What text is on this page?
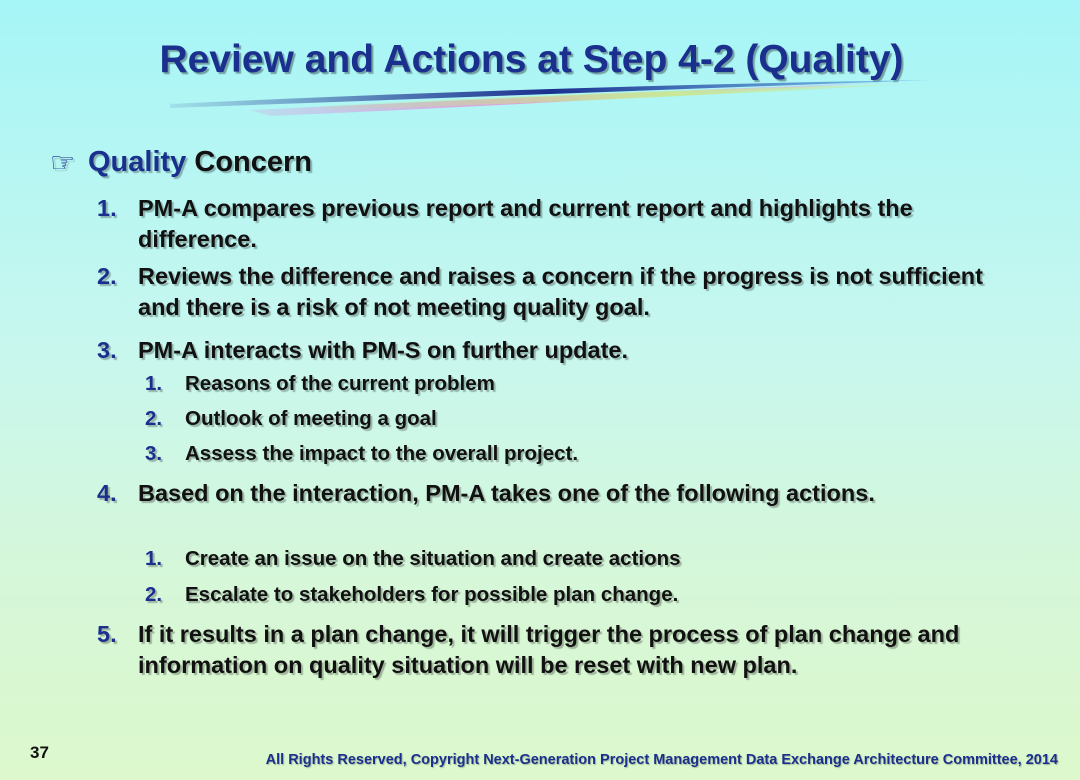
Review and Actions at Step 4-2 (Quality)
☞ Quality
Concern
1. PM-A compares previous report and current report and highlights the difference.
2. Reviews the difference and raises a concern if the progress is not sufficient and there is a risk of not meeting quality goal.
3. PM-A interacts with PM-S on further update.
1.	Reasons of the current problem
2.	Outlook of meeting a goal
3.	Assess the impact to the overall project.
4. Based on the interaction, PM-A takes one of the following actions.
1.	Create an issue on the situation and create actions
2.	Escalate to stakeholders for possible plan change.
5. If it results in a plan change, it will trigger the process of plan change and information on quality situation will be reset with new plan.
37	All Rights Reserved, Copyright Next-Generation Project Management Data Exchange Architecture Committee, 2014
